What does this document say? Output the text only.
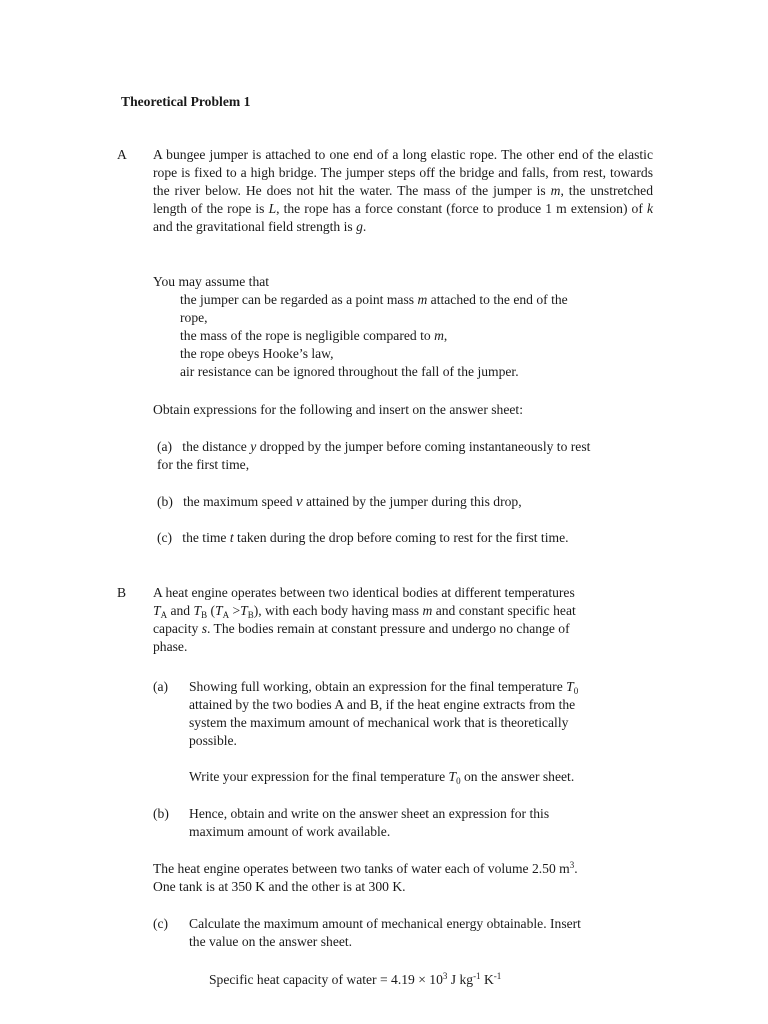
Theoretical Problem 1
A A bungee jumper is attached to one end of a long elastic rope. The other end of the elastic rope is fixed to a high bridge. The jumper steps off the bridge and falls, from rest, towards the river below. He does not hit the water. The mass of the jumper is m, the unstretched length of the rope is L, the rope has a force constant (force to produce 1 m extension) of k and the gravitational field strength is g.
You may assume that
the jumper can be regarded as a point mass m attached to the end of the
rope,
the mass of the rope is negligible compared to m,
the rope obeys Hooke’s law,
air resistance can be ignored throughout the fall of the jumper.
Obtain expressions for the following and insert on the answer sheet:
(a) the distance y dropped by the jumper before coming instantaneously to rest
for the first time,
(b) the maximum speed v attained by the jumper during this drop,
(c) the time t taken during the drop before coming to rest for the first time.
B A heat engine operates between two identical bodies at different temperatures
$T_A$ and $T_B$ $(T_A >T_B)$, with each body having mass m and constant specific heat
capacity s. The bodies remain at constant pressure and undergo no change of
phase.
(a) Showing full working, obtain an expression for the final temperature $T_0$
attained by the two bodies A and B, if the heat engine extracts from the
system the maximum amount of mechanical work that is theoretically
possible.
Write your expression for the final temperature $T_0$ on the answer sheet.
(b) Hence, obtain and write on the answer sheet an expression for this
maximum amount of work available.
The heat engine operates between two tanks of water each of volume 2.50 $m^3$.
One tank is at 350 K and the other is at 300 K.
(c) Calculate the maximum amount of mechanical energy obtainable. Insert
the value on the answer sheet.
Specific heat capacity of water = $4.19 \times 10^3$ J $kg^{-1}$ $K^{-1}$
